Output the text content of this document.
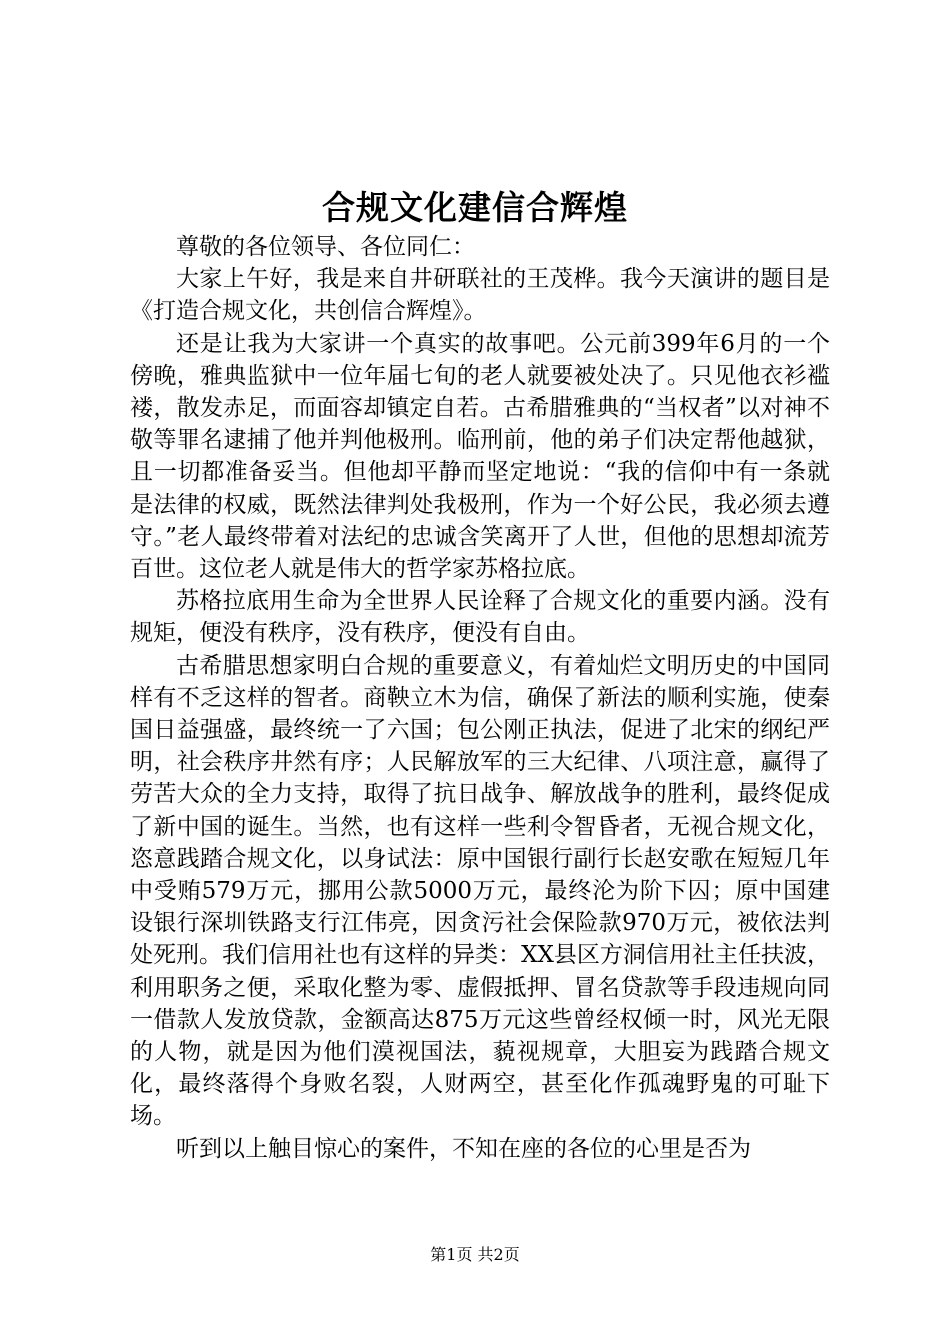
合规文化建信合辉煌

尊敬的各位领导、各位同仁：

大家上午好，我是来自井研联社的王茂桦。我今天演讲的题目是《打造合规文化，共创信合辉煌》。

还是让我为大家讲一个真实的故事吧。公元前399年6月的一个傍晚，雅典监狱中一位年届七旬的老人就要被处决了。只见他衣衫褴褛，散发赤足，而面容却镇定自若。古希腊雅典的“当权者”以对神不敬等罪名逮捕了他并判他极刑。临刑前，他的弟子们决定帮他越狱，且一切都准备妥当。但他却平静而坚定地说：“我的信仰中有一条就是法律的权威，既然法律判处我极刑，作为一个好公民，我必须去遵守。”老人最终带着对法纪的忠诚含笑离开了人世，但他的思想却流芳百世。这位老人就是伟大的哲学家苏格拉底。

苏格拉底用生命为全世界人民诠释了合规文化的重要内涵。没有规矩，便没有秩序，没有秩序，便没有自由。

古希腊思想家明白合规的重要意义，有着灿烂文明历史的中国同样有不乏这样的智者。商鞅立木为信，确保了新法的顺利实施，使秦国日益强盛，最终统一了六国；包公刚正执法，促进了北宋的纲纪严明，社会秩序井然有序；人民解放军的三大纪律、八项注意，赢得了劳苦大众的全力支持，取得了抗日战争、解放战争的胜利，最终促成了新中国的诞生。当然，也有这样一些利令智昏者，无视合规文化，恣意践踏合规文化，以身试法：原中国银行副行长赵安歌在短短几年中受贿579万元，挪用公款5000万元，最终沦为阶下囚；原中国建设银行深圳铁路支行江伟亮，因贪污社会保险款970万元，被依法判处死刑。我们信用社也有这样的异类：XX县区方洞信用社主任扶波，利用职务之便，采取化整为零、虚假抵押、冒名贷款等手段违规向同一借款人发放贷款，金额高达875万元这些曾经权倾一时，风光无限的人物，就是因为他们漠视国法，藐视规章，大胆妄为践踏合规文化，最终落得个身败名裂，人财两空，甚至化作孤魂野鬼的可耻下场。

听到以上触目惊心的案件，不知在座的各位的心里是否为

第1页 共2页
